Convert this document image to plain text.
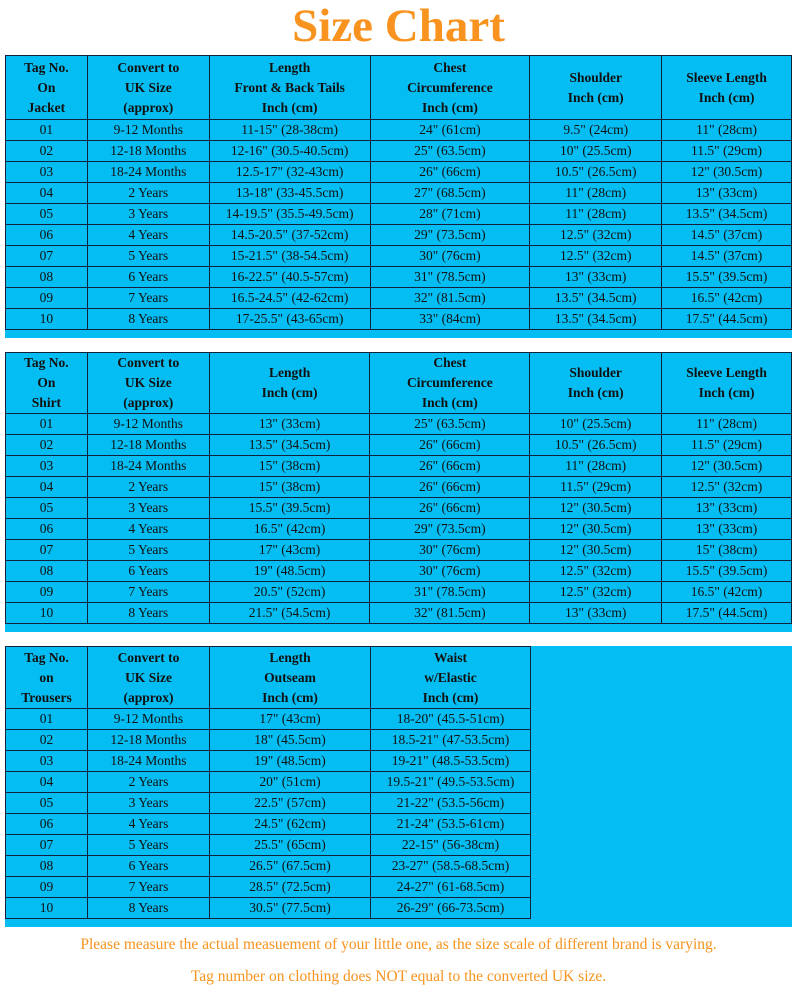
Size Chart
Tag No.
On
Jacket	Convert to
UK Size
(approx)	Length
Front & Back Tails
Inch (cm)	Chest
Circumference
Inch (cm)	Shoulder
Inch (cm)	Sleeve Length
Inch (cm)

01	9-12 Months	11-15" (28-38cm)	24" (61cm)	9.5" (24cm)	11" (28cm)
02	12-18 Months	12-16" (30.5-40.5cm)	25" (63.5cm)	10" (25.5cm)	11.5" (29cm)
03	18-24 Months	12.5-17" (32-43cm)	26" (66cm)	10.5" (26.5cm)	12" (30.5cm)
04	2 Years	13-18" (33-45.5cm)	27" (68.5cm)	11" (28cm)	13" (33cm)
05	3 Years	14-19.5" (35.5-49.5cm)	28" (71cm)	11" (28cm)	13.5" (34.5cm)
06	4 Years	14.5-20.5" (37-52cm)	29" (73.5cm)	12.5" (32cm)	14.5" (37cm)
07	5 Years	15-21.5" (38-54.5cm)	30" (76cm)	12.5" (32cm)	14.5" (37cm)
08	6 Years	16-22.5" (40.5-57cm)	31" (78.5cm)	13" (33cm)	15.5" (39.5cm)
09	7 Years	16.5-24.5" (42-62cm)	32" (81.5cm)	13.5" (34.5cm)	16.5" (42cm)
10	8 Years	17-25.5" (43-65cm)	33" (84cm)	13.5" (34.5cm)	17.5" (44.5cm)
Tag No.
On
Shirt	Convert to
UK Size
(approx)	Length
Inch (cm)	Chest
Circumference
Inch (cm)	Shoulder
Inch (cm)	Sleeve Length
Inch (cm)

01	9-12 Months	13" (33cm)	25" (63.5cm)	10" (25.5cm)	11" (28cm)
02	12-18 Months	13.5" (34.5cm)	26" (66cm)	10.5" (26.5cm)	11.5" (29cm)
03	18-24 Months	15" (38cm)	26" (66cm)	11" (28cm)	12" (30.5cm)
04	2 Years	15" (38cm)	26" (66cm)	11.5" (29cm)	12.5" (32cm)
05	3 Years	15.5" (39.5cm)	26" (66cm)	12" (30.5cm)	13" (33cm)
06	4 Years	16.5" (42cm)	29" (73.5cm)	12" (30.5cm)	13" (33cm)
07	5 Years	17" (43cm)	30" (76cm)	12" (30.5cm)	15" (38cm)
08	6 Years	19" (48.5cm)	30" (76cm)	12.5" (32cm)	15.5" (39.5cm)
09	7 Years	20.5" (52cm)	31" (78.5cm)	12.5" (32cm)	16.5" (42cm)
10	8 Years	21.5" (54.5cm)	32" (81.5cm)	13" (33cm)	17.5" (44.5cm)
Tag No.
on
Trousers	Convert to
UK Size
(approx)	Length
Outseam
Inch (cm)	Waist
w/Elastic
Inch (cm)

01	9-12 Months	17" (43cm)	18-20" (45.5-51cm)
02	12-18 Months	18" (45.5cm)	18.5-21" (47-53.5cm)
03	18-24 Months	19" (48.5cm)	19-21" (48.5-53.5cm)
04	2 Years	20" (51cm)	19.5-21" (49.5-53.5cm)
05	3 Years	22.5" (57cm)	21-22" (53.5-56cm)
06	4 Years	24.5" (62cm)	21-24" (53.5-61cm)
07	5 Years	25.5" (65cm)	22-15" (56-38cm)
08	6 Years	26.5" (67.5cm)	23-27" (58.5-68.5cm)
09	7 Years	28.5" (72.5cm)	24-27" (61-68.5cm)
10	8 Years	30.5" (77.5cm)	26-29" (66-73.5cm)
Please measure the actual measuement of your little one, as the size scale of different brand is varying.
Tag number on clothing does NOT equal to the converted UK size.
